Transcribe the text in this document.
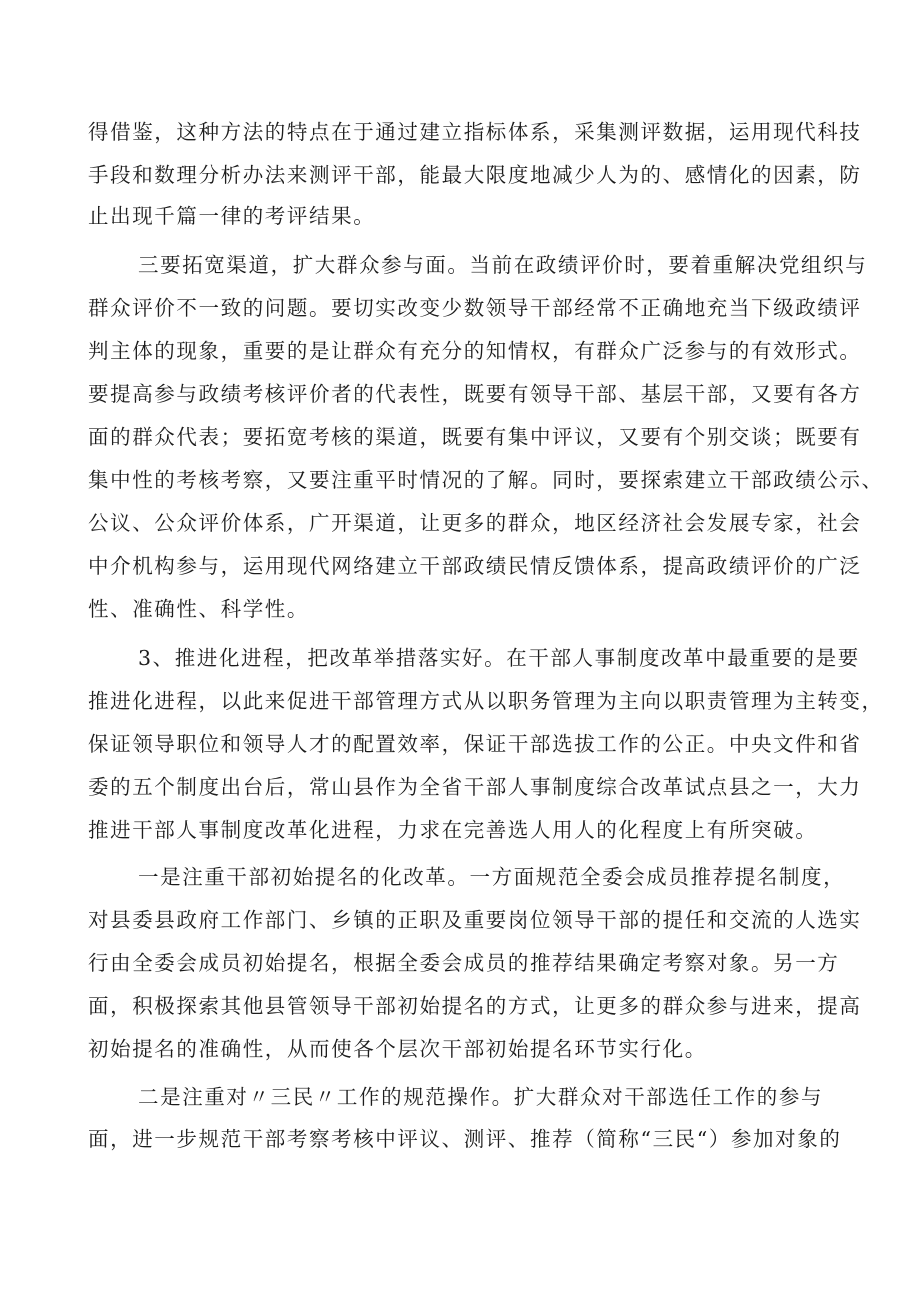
得借鉴，这种方法的特点在于通过建立指标体系，采集测评数据，运用现代科技

手段和数理分析办法来测评干部，能最大限度地减少人为的、感情化的因素，防

止出现千篇一律的考评结果。

三要拓宽渠道，扩大群众参与面。当前在政绩评价时，要着重解决党组织与

群众评价不一致的问题。要切实改变少数领导干部经常不正确地充当下级政绩评

判主体的现象，重要的是让群众有充分的知情权，有群众广泛参与的有效形式。

要提高参与政绩考核评价者的代表性，既要有领导干部、基层干部，又要有各方

面的群众代表；要拓宽考核的渠道，既要有集中评议，又要有个别交谈；既要有

集中性的考核考察，又要注重平时情况的了解。同时，要探索建立干部政绩公示、

公议、公众评价体系，广开渠道，让更多的群众，地区经济社会发展专家，社会

中介机构参与，运用现代网络建立干部政绩民情反馈体系，提高政绩评价的广泛

性、准确性、科学性。

3、推进化进程，把改革举措落实好。在干部人事制度改革中最重要的是要

推进化进程，以此来促进干部管理方式从以职务管理为主向以职责管理为主转变，

保证领导职位和领导人才的配置效率，保证干部选拔工作的公正。中央文件和省

委的五个制度出台后，常山县作为全省干部人事制度综合改革试点县之一，大力

推进干部人事制度改革化进程，力求在完善选人用人的化程度上有所突破。

一是注重干部初始提名的化改革。一方面规范全委会成员推荐提名制度，

对县委县政府工作部门、乡镇的正职及重要岗位领导干部的提任和交流的人选实

行由全委会成员初始提名，根据全委会成员的推荐结果确定考察对象。另一方

面，积极探索其他县管领导干部初始提名的方式，让更多的群众参与进来，提高

初始提名的准确性，从而使各个层次干部初始提名环节实行化。

二是注重对〃三民〃工作的规范操作。扩大群众对干部选任工作的参与

面，进一步规范干部考察考核中评议、测评、推荐（简称“三民“）参加对象的
